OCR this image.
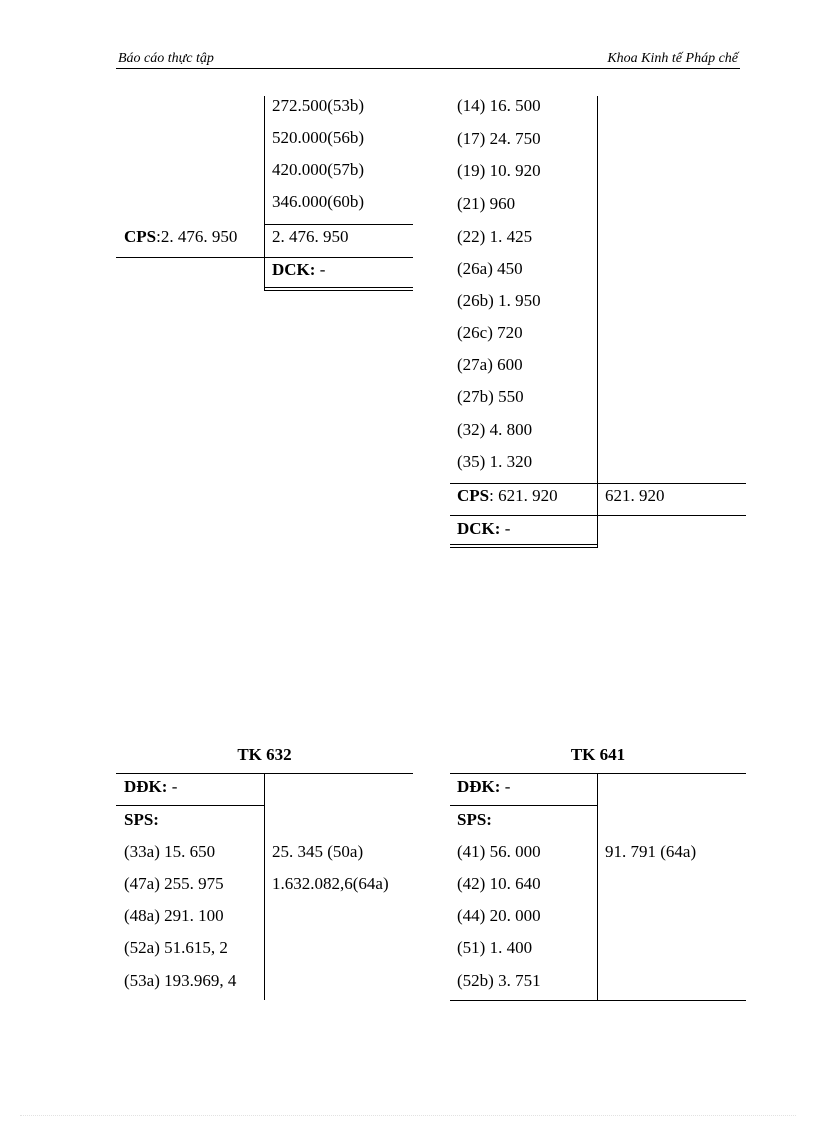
Báo cáo thực tập	Khoa Kinh tế Pháp chế
272.500(53b)
520.000(56b)
420.000(57b)
346.000(60b)
CPS:2. 476. 950 2. 476. 950
DCK: -
(14) 16. 500
(17) 24. 750
(19) 10. 920
(21) 960
(22) 1. 425
(26a) 450
(26b) 1. 950
(26c) 720
(27a) 600
(27b) 550
(32) 4. 800
(35) 1. 320
CPS: 621. 920	621. 920
DCK: -
TK 632
DĐK: -
SPS:
(33a) 15. 650
(47a) 255. 975
(48a) 291. 100
(52a) 51.615, 2
(53a) 193.969, 4
25. 345 (50a)
1.632.082,6(64a)
TK 641
DĐK: -
SPS:
(41) 56. 000
(42) 10. 640
(44) 20. 000
(51) 1. 400
(52b) 3. 751
91. 791 (64a)
